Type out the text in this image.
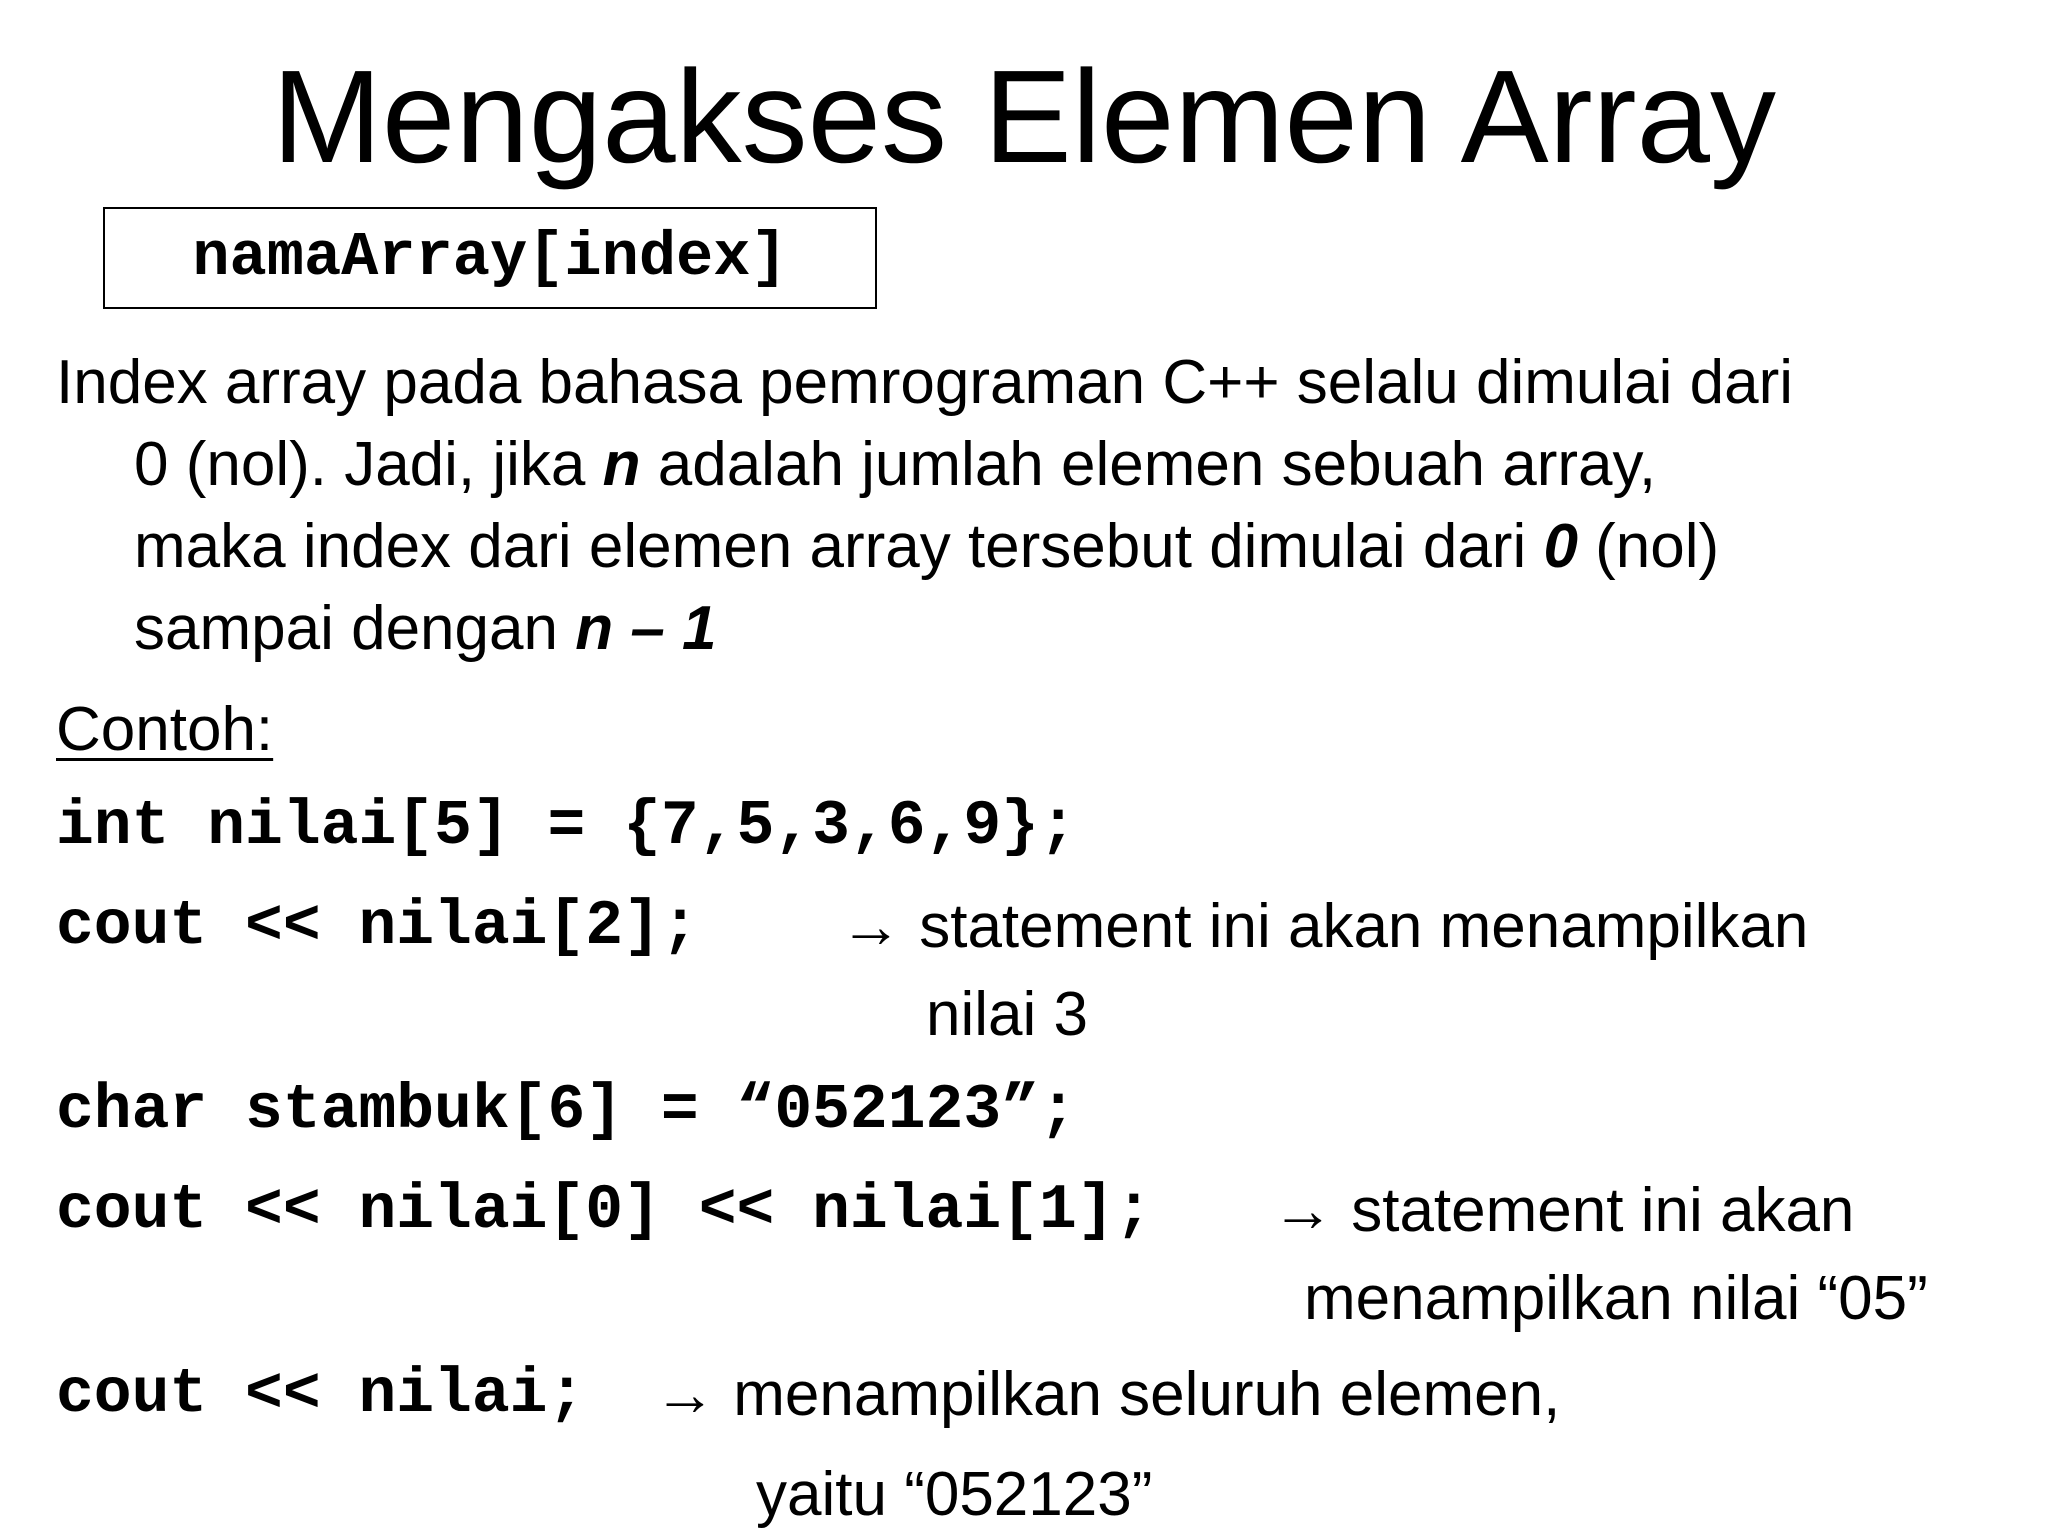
Mengakses Elemen Array
namaArray[index]
Index array pada bahasa pemrograman C++ selalu dimulai dari
0 (nol). Jadi, jika n adalah jumlah elemen sebuah array,
maka index dari elemen array tersebut dimulai dari 0 (nol)
sampai dengan n – 1
Contoh:
int nilai[5] = {7,5,3,6,9};
cout << nilai[2]; → statement ini akan menampilkan
nilai 3
char stambuk[6] = “052123”;
cout << nilai[0] << nilai[1]; → statement ini akan
menampilkan nilai “05”
cout << nilai; → menampilkan seluruh elemen,
yaitu “052123”
